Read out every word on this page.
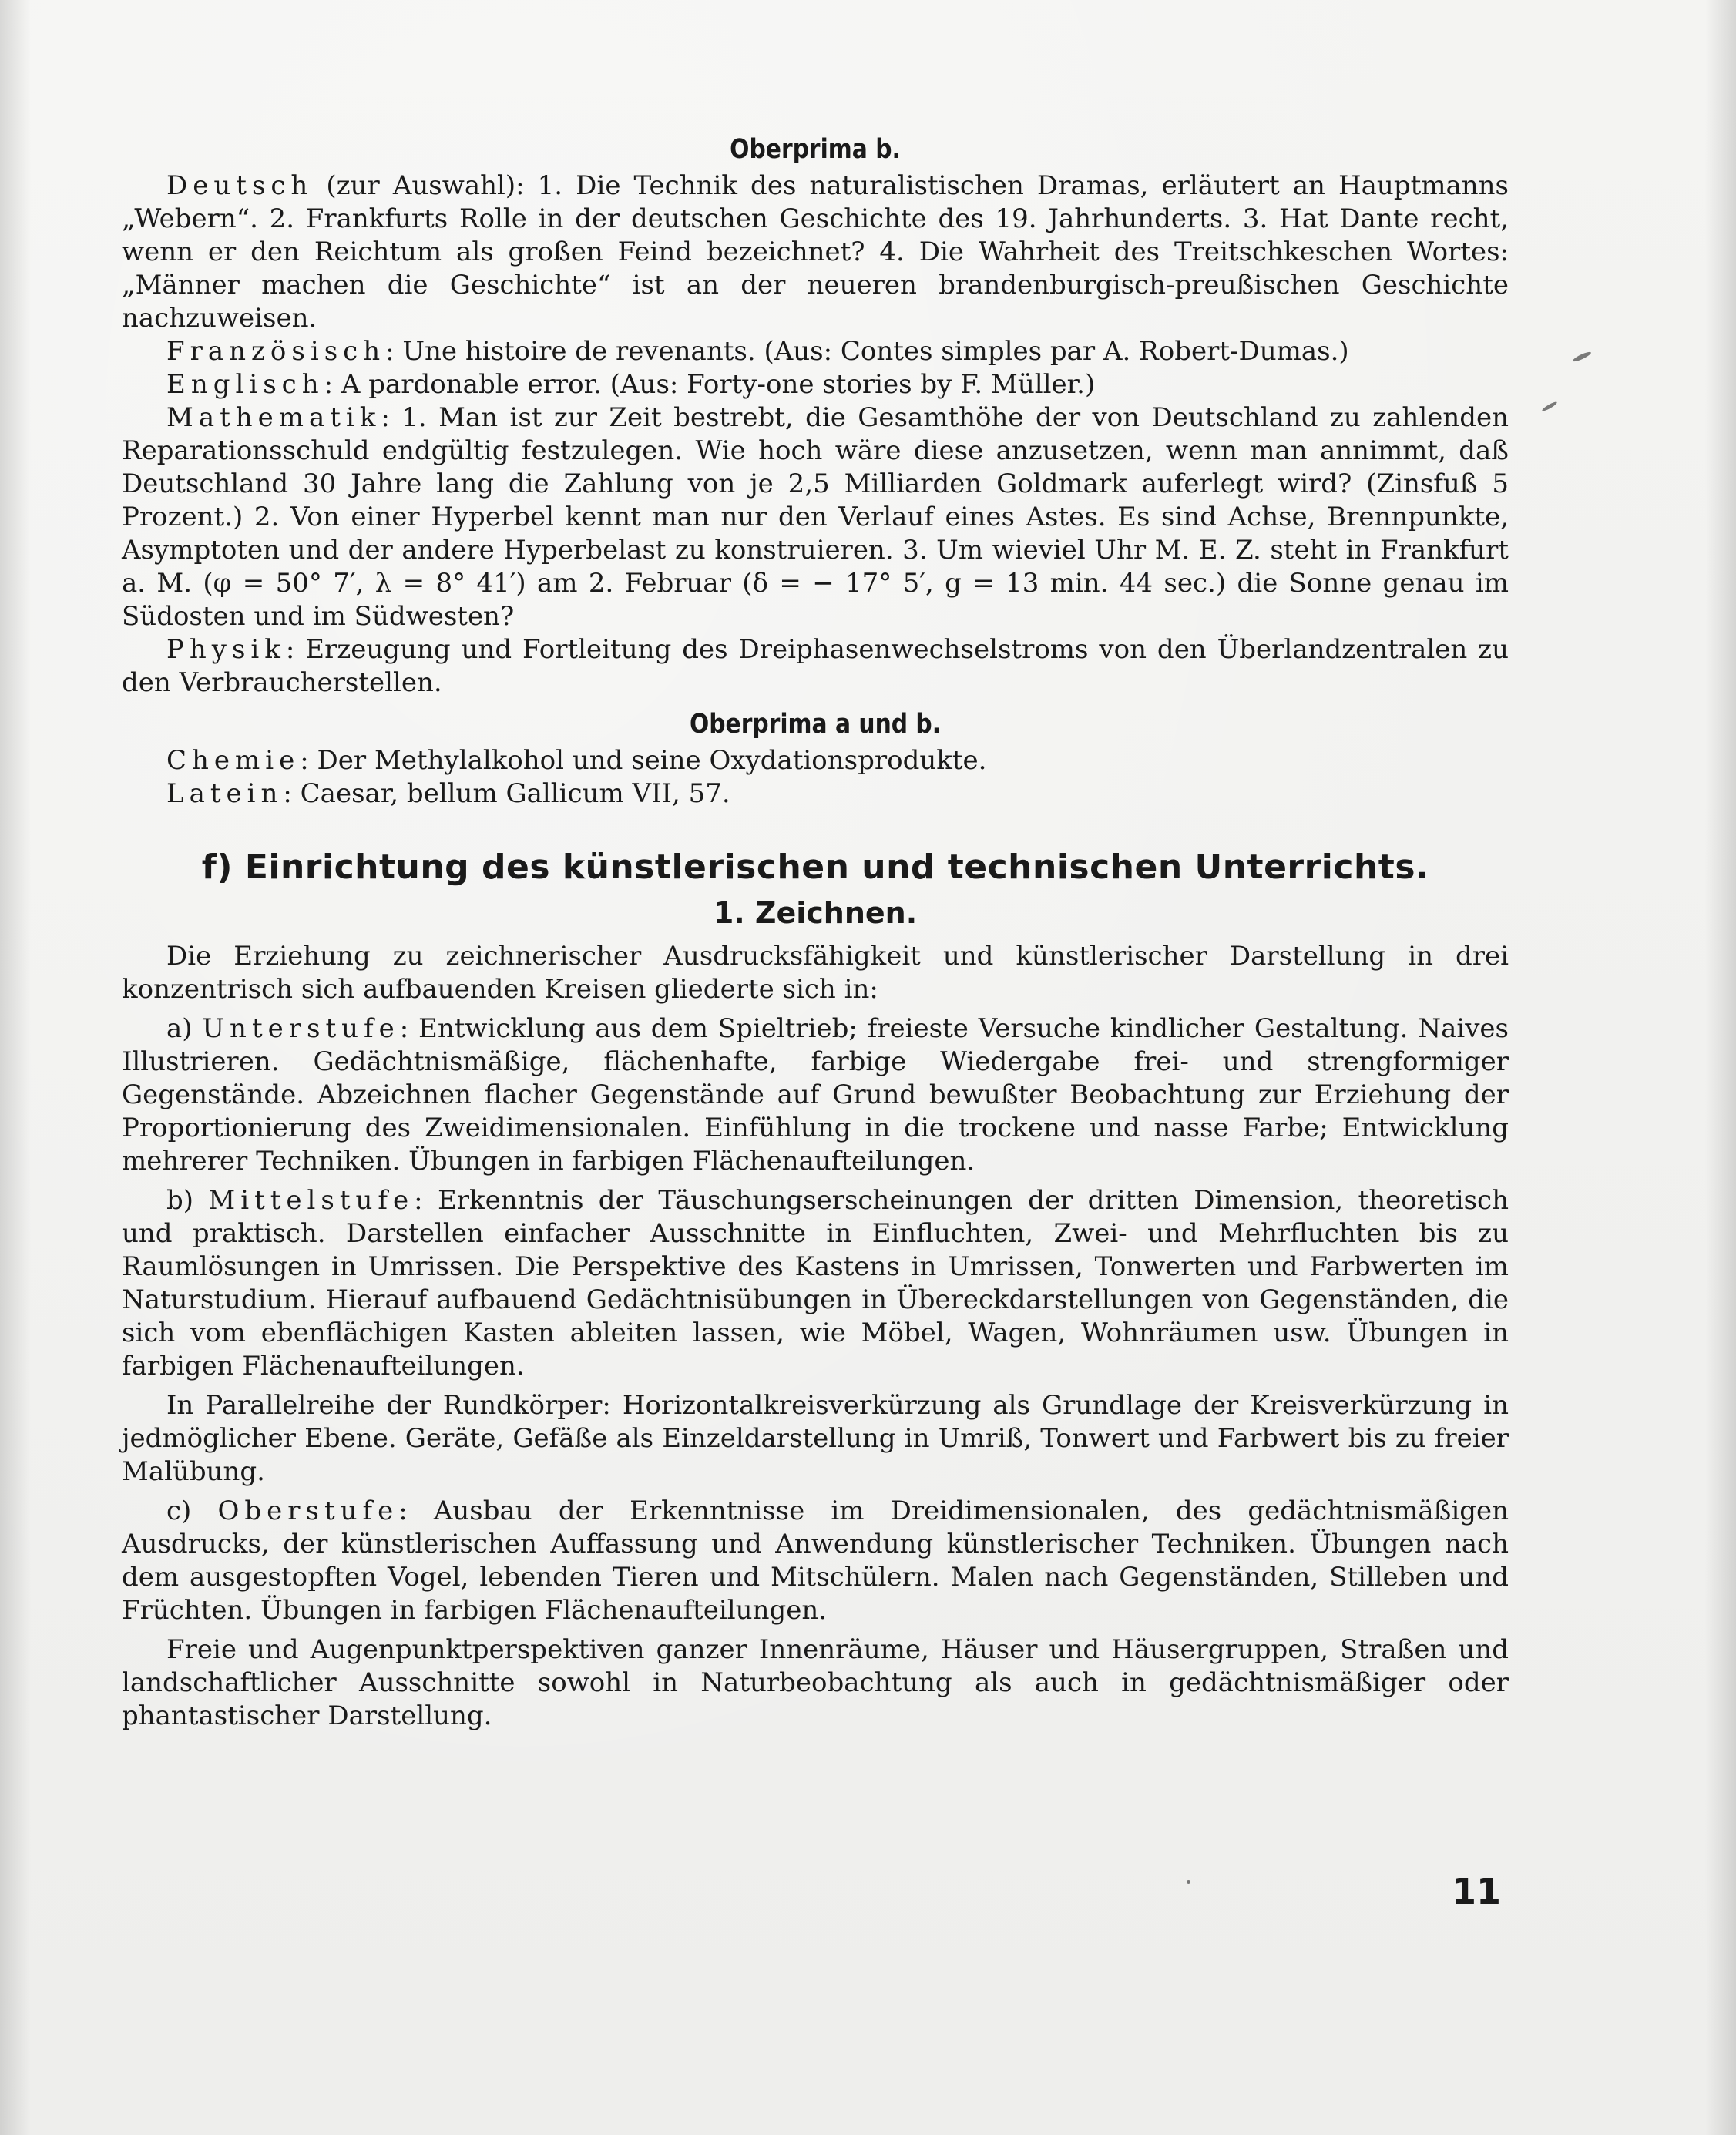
Oberprima b.

Deutsch (zur Auswahl): 1. Die Technik des naturalistischen Dramas, erläutert an Hauptmanns „Webern“. 2. Frankfurts Rolle in der deutschen Geschichte des 19. Jahrhunderts. 3. Hat Dante recht, wenn er den Reichtum als großen Feind bezeichnet? 4. Die Wahrheit des Treitschkeschen Wortes: „Männer machen die Geschichte“ ist an der neueren brandenburgisch-preußischen Geschichte nachzuweisen.

Französisch: Une histoire de revenants. (Aus: Contes simples par A. Robert-Dumas.)

Englisch: A pardonable error. (Aus: Forty-one stories by F. Müller.)

Mathematik: 1. Man ist zur Zeit bestrebt, die Gesamthöhe der von Deutschland zu zahlenden Reparationsschuld endgültig festzulegen. Wie hoch wäre diese anzusetzen, wenn man annimmt, daß Deutschland 30 Jahre lang die Zahlung von je 2,5 Milliarden Goldmark auferlegt wird? (Zinsfuß 5 Prozent.) 2. Von einer Hyperbel kennt man nur den Verlauf eines Astes. Es sind Achse, Brennpunkte, Asymptoten und der andere Hyperbelast zu konstruieren. 3. Um wieviel Uhr M. E. Z. steht in Frankfurt a. M. (φ = 50° 7′, λ = 8° 41′) am 2. Februar (δ = − 17° 5′, g = 13 min. 44 sec.) die Sonne genau im Südosten und im Südwesten?

Physik: Erzeugung und Fortleitung des Dreiphasenwechselstroms von den Überlandzentralen zu den Verbraucherstellen.

Oberprima a und b.

Chemie: Der Methylalkohol und seine Oxydationsprodukte.

Latein: Caesar, bellum Gallicum VII, 57.

f) Einrichtung des künstlerischen und technischen Unterrichts.
1. Zeichnen.

Die Erziehung zu zeichnerischer Ausdrucksfähigkeit und künstlerischer Darstellung in drei konzentrisch sich aufbauenden Kreisen gliederte sich in:

a) Unterstufe: Entwicklung aus dem Spieltrieb; freieste Versuche kindlicher Gestaltung. Naives Illustrieren. Gedächtnismäßige, flächenhafte, farbige Wiedergabe frei- und strengformiger Gegenstände. Abzeichnen flacher Gegenstände auf Grund bewußter Beobachtung zur Erziehung der Proportionierung des Zweidimensionalen. Einfühlung in die trockene und nasse Farbe; Entwicklung mehrerer Techniken. Übungen in farbigen Flächenaufteilungen.

b) Mittelstufe: Erkenntnis der Täuschungserscheinungen der dritten Dimension, theoretisch und praktisch. Darstellen einfacher Ausschnitte in Einfluchten, Zwei- und Mehrfluchten bis zu Raumlösungen in Umrissen. Die Perspektive des Kastens in Umrissen, Tonwerten und Farbwerten im Naturstudium. Hierauf aufbauend Gedächtnisübungen in Übereckdarstellungen von Gegenständen, die sich vom ebenflächigen Kasten ableiten lassen, wie Möbel, Wagen, Wohnräumen usw. Übungen in farbigen Flächenaufteilungen.

In Parallelreihe der Rundkörper: Horizontalkreisverkürzung als Grundlage der Kreisverkürzung in jedmöglicher Ebene. Geräte, Gefäße als Einzeldarstellung in Umriß, Tonwert und Farbwert bis zu freier Malübung.

c) Oberstufe: Ausbau der Erkenntnisse im Dreidimensionalen, des gedächtnismäßigen Ausdrucks, der künstlerischen Auffassung und Anwendung künstlerischer Techniken. Übungen nach dem ausgestopften Vogel, lebenden Tieren und Mitschülern. Malen nach Gegenständen, Stilleben und Früchten. Übungen in farbigen Flächenaufteilungen.

Freie und Augenpunktperspektiven ganzer Innenräume, Häuser und Häusergruppen, Straßen und landschaftlicher Ausschnitte sowohl in Naturbeobachtung als auch in gedächtnismäßiger oder phantastischer Darstellung.

11
